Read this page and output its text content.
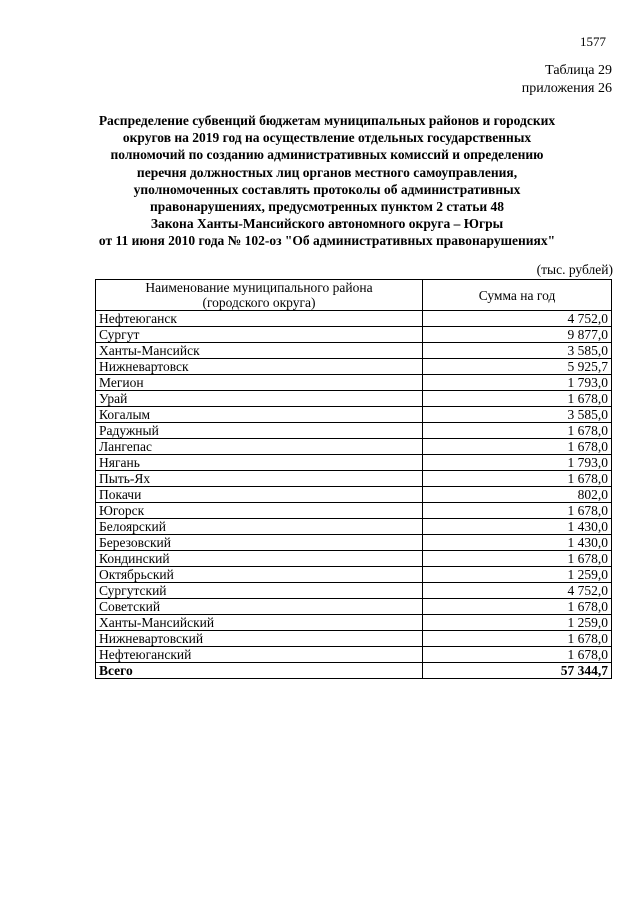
1577
Таблица 29
приложения 26
Распределение субвенций бюджетам муниципальных районов и городских
округов на 2019 год на осуществление отдельных государственных
полномочий по созданию административных комиссий и определению
перечня должностных лиц органов местного самоуправления,
уполномоченных составлять протоколы об административных
правонарушениях, предусмотренных пунктом 2 статьи 48
Закона Ханты-Мансийского автономного округа – Югры
от 11 июня 2010 года № 102-оз "Об административных правонарушениях"
(тыс. рублей)
Наименование муниципального района
(городского округа)	Сумма на год
Нефтеюганск	4 752,0
Сургут	9 877,0
Ханты-Мансийск	3 585,0
Нижневартовск	5 925,7
Мегион	1 793,0
Урай	1 678,0
Когалым	3 585,0
Радужный	1 678,0
Лангепас	1 678,0
Нягань	1 793,0
Пыть-Ях	1 678,0
Покачи	802,0
Югорск	1 678,0
Белоярский	1 430,0
Березовский	1 430,0
Кондинский	1 678,0
Октябрьский	1 259,0
Сургутский	4 752,0
Советский	1 678,0
Ханты-Мансийский	1 259,0
Нижневартовский	1 678,0
Нефтеюганский	1 678,0
Всего	57 344,7
